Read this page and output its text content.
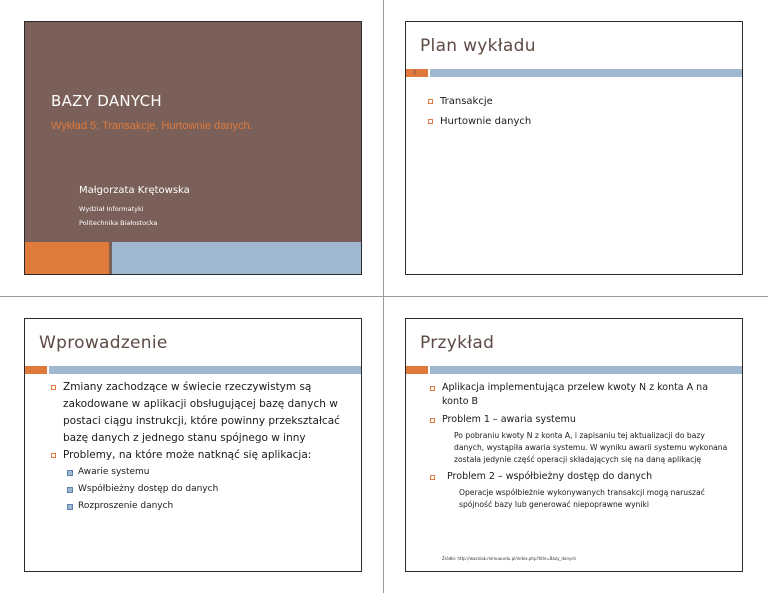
BAZY DANYCH
Wykład 5: Transakcje. Hurtownie danych.
Małgorzata Krętowska
Wydział Informatyki
Politechnika Białostocka
Plan wykładu
2
Transakcje
Hurtownie danych
Wprowadzenie
Zmiany zachodzące w świecie rzeczywistym są zakodowane w aplikacji obsługującej bazę danych w postaci ciągu instrukcji, które powinny przekształcać bazę danych z jednego stanu spójnego w inny
Problemy, na które może natknąć się aplikacja:
Awarie systemu
Współbieżny dostęp do danych
Rozproszenie danych
Przykład
Aplikacja implementująca przelew kwoty N z konta A na konto B
Problem 1 – awaria systemu
Po pobraniu kwoty N z konta A, i zapisaniu tej aktualizacji do bazy danych, wystąpiła awaria systemu. W wyniku awarii systemu wykonana została jedynie część operacji składających się na daną aplikację
Problem 2 – współbieżny dostęp do danych
Operacje współbieżnie wykonywanych transakcji mogą naruszać spójność bazy lub generować niepoprawne wyniki
Źródło: http://wazniak.mimuw.edu.pl/index.php?title=Bazy_danych
